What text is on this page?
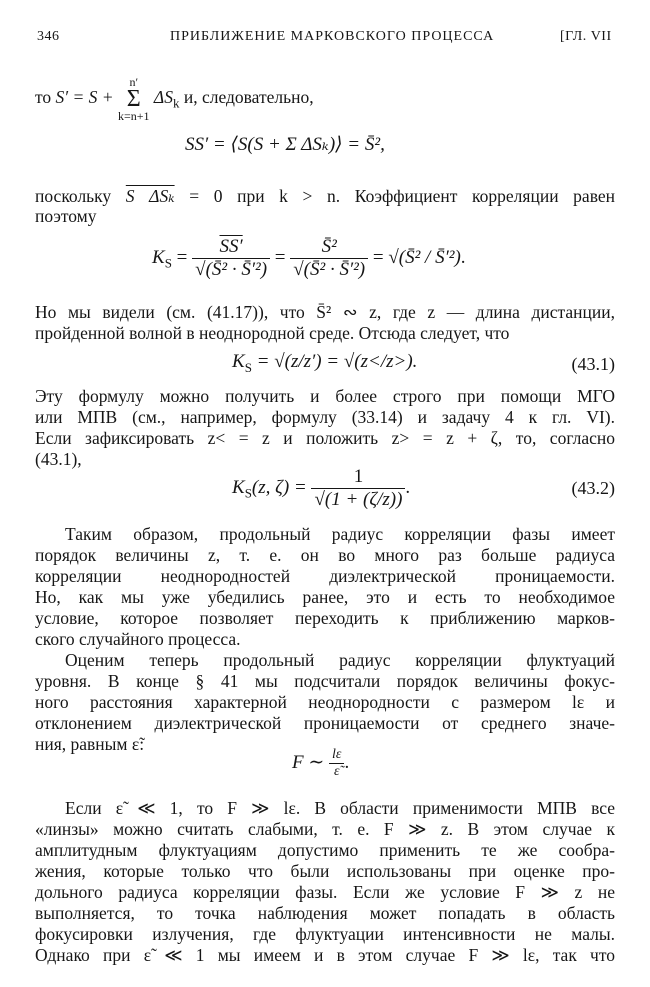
346	ПРИБЛИЖЕНИЕ МАРКОВСКОГО ПРОЦЕССА	[ГЛ. VII
то S′ = S +
n′
Σ
k=n+1
$\Delta S_k$ и, следовательно,
SS′ = ⟨S(S + Σ ΔSₖ)⟩ = S̄²,
поскольку S ΔSₖ = 0 при k > n. Коэффициент корреляции равен
поэтому
$K_S = \frac{SS'}{\text{√(S̄² · S̄′²)}} = \frac{\text{S̄²}}{\text{√(S̄² · S̄′²)}}$ = √(S̄² / S̄′²).
Но мы видели (см. (41.17)), что S̄² ∾ z, где z — длина дистанции,
пройденной волной в неоднородной среде. Отсюда следует, что
$K_S = √(z/z') = √(z</z>)$.	(43.1)
Эту формулу можно получить и более строго при помощи МГО
или МПВ (см., например, формулу (33.14) и задачу 4 к гл. VI).
Если зафиксировать z< = z и положить z> = z + ζ, то, согласно
(43.1),
$K_S(z$, $\zeta) = \frac{1}{√(1 + (\zeta/z))}$ .	(43.2)
Таким образом, продольный радиус корреляции фазы имеет
порядок величины z, т. е. он во много раз больше радиуса
корреляции неоднородностей диэлектрической проницаемости.
Но, как мы уже убедились ранее, это и есть то необходимое
условие, которое позволяет переходить к приближению марков-
ского случайного процесса.
Оценим теперь продольный радиус корреляции флуктуаций
уровня. В конце § 41 мы подсчитали порядок величины фокус-
ного расстояния характерной неоднородности с размером lε и
отклонением диэлектрической проницаемости от среднего значе-
ния, равным ε̃:
F ∼ $\frac{l\varepsilon}{\varepsiloñ}$ .
Если ε̃ ≪ 1, то F ≫ lε. В области применимости МПВ все
«линзы» можно считать слабыми, т. е. F ≫ z. В этом случае к
амплитудным флуктуациям допустимо применить те же сообра-
жения, которые только что были использованы при оценке про-
дольного радиуса корреляции фазы. Если же условие F ≫ z не
выполняется, то точка наблюдения может попадать в область
фокусировки излучения, где флуктуации интенсивности не малы.
Однако при ε̃ ≪ 1 мы имеем и в этом случае F ≫ lε, так что
